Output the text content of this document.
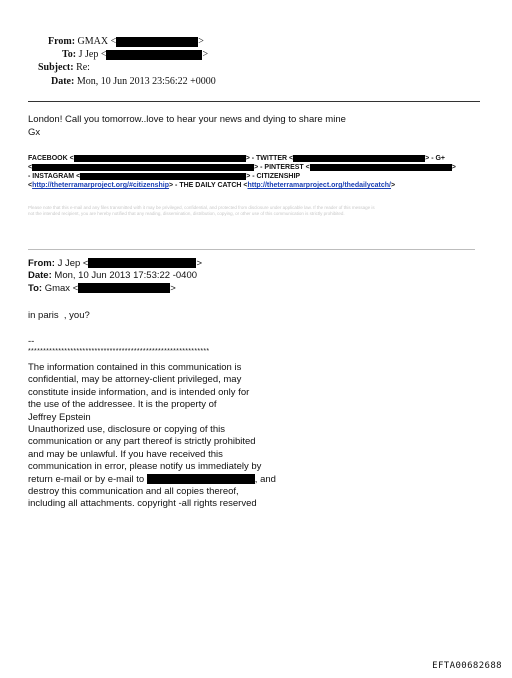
From: GMAX <	>
To: J Jep <	>
Subject: Re:
Date: Mon, 10 Jun 2013 23:56:22 +0000
London! Call you tomorrow..love to hear your news and dying to share mine
Gx
FACEBOOK <	> - TWITTER <	> - G+
<	> - PINTEREST <	>
- INSTAGRAM <	> - CITIZENSHIP
<http://theterramarproject.org/#citizenship> - THE DAILY CATCH <http://theterramarproject.org/thedailycatch/>
Please note that this e-mail and any files transmitted with it may be privileged, confidential, and protected from disclosure under applicable law. If the reader of this message is
not the intended recipient, you are hereby notified that any reading, dissemination, distribution, copying, or other use of this communication is strictly prohibited.
From: J Jep <	>
Date: Mon, 10 Jun 2013 17:53:22 -0400
To: Gmax <	>
in paris  , you?
--
************************************************************
The information contained in this communication is
confidential, may be attorney-client privileged, may
constitute inside information, and is intended only for
the use of the addressee. It is the property of
Jeffrey Epstein
Unauthorized use, disclosure or copying of this
communication or any part thereof is strictly prohibited
and may be unlawful. If you have received this
communication in error, please notify us immediately by
return e-mail or by e-mail to	, and
destroy this communication and all copies thereof,
including all attachments. copyright -all rights reserved
EFTA00682688
